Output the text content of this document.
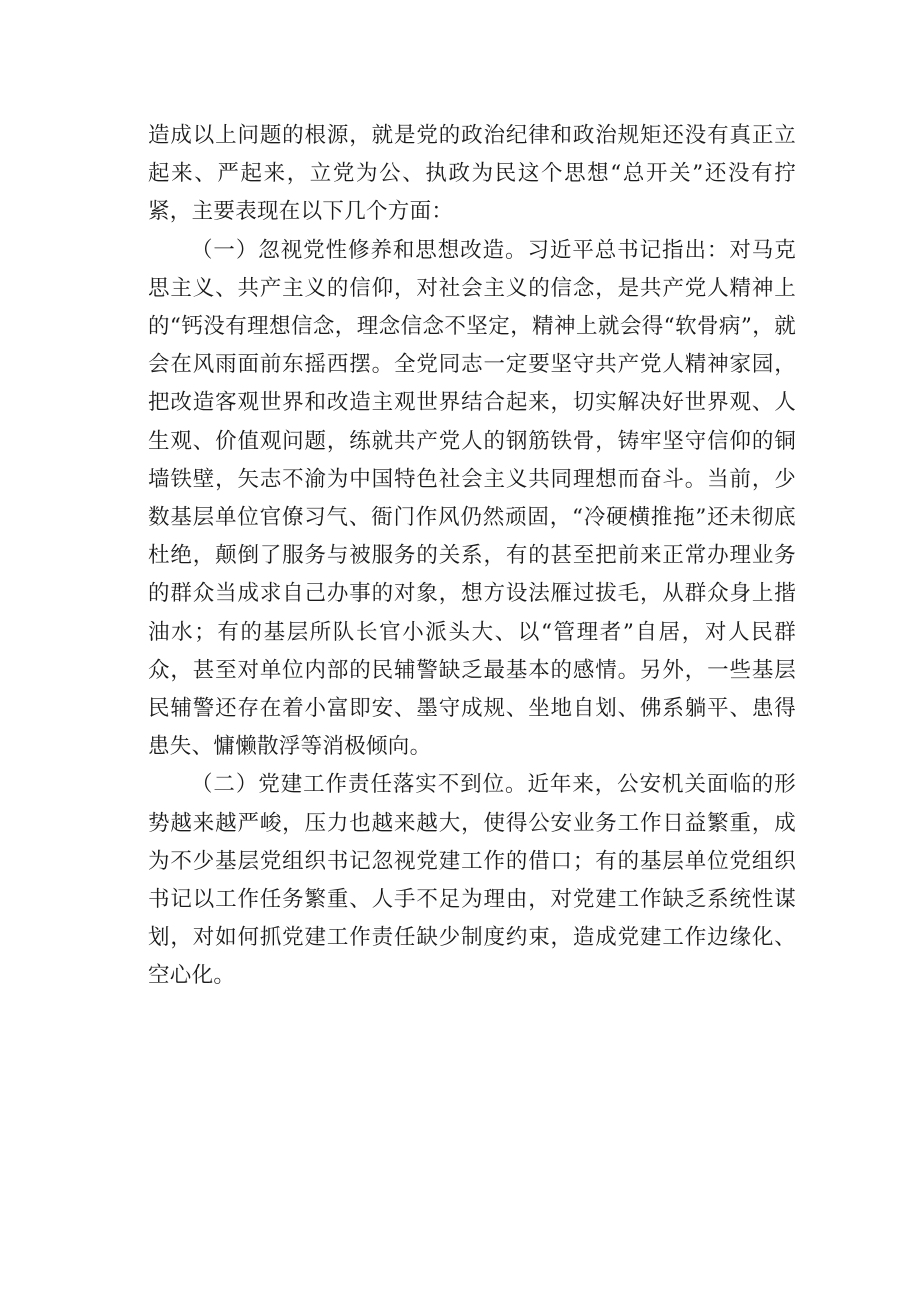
造成以上问题的根源，就是党的政治纪律和政治规矩还没有真正立起来、严起来，立党为公、执政为民这个思想“总开关”还没有拧紧，主要表现在以下几个方面：

（一）忽视党性修养和思想改造。习近平总书记指出：对马克思主义、共产主义的信仰，对社会主义的信念，是共产党人精神上的“钙没有理想信念，理念信念不坚定，精神上就会得“软骨病”，就会在风雨面前东摇西摆。全党同志一定要坚守共产党人精神家园，把改造客观世界和改造主观世界结合起来，切实解决好世界观、人生观、价值观问题，练就共产党人的钢筋铁骨，铸牢坚守信仰的铜墙铁壁，矢志不渝为中国特色社会主义共同理想而奋斗。当前，少数基层单位官僚习气、衙门作风仍然顽固，“冷硬横推拖”还未彻底杜绝，颠倒了服务与被服务的关系，有的甚至把前来正常办理业务的群众当成求自己办事的对象，想方设法雁过拔毛，从群众身上揩油水；有的基层所队长官小派头大、以“管理者”自居，对人民群众，甚至对单位内部的民辅警缺乏最基本的感情。另外，一些基层民辅警还存在着小富即安、墨守成规、坐地自划、佛系躺平、患得患失、慵懒散浮等消极倾向。

（二）党建工作责任落实不到位。近年来，公安机关面临的形势越来越严峻，压力也越来越大，使得公安业务工作日益繁重，成为不少基层党组织书记忽视党建工作的借口；有的基层单位党组织书记以工作任务繁重、人手不足为理由，对党建工作缺乏系统性谋划，对如何抓党建工作责任缺少制度约束，造成党建工作边缘化、空心化。
